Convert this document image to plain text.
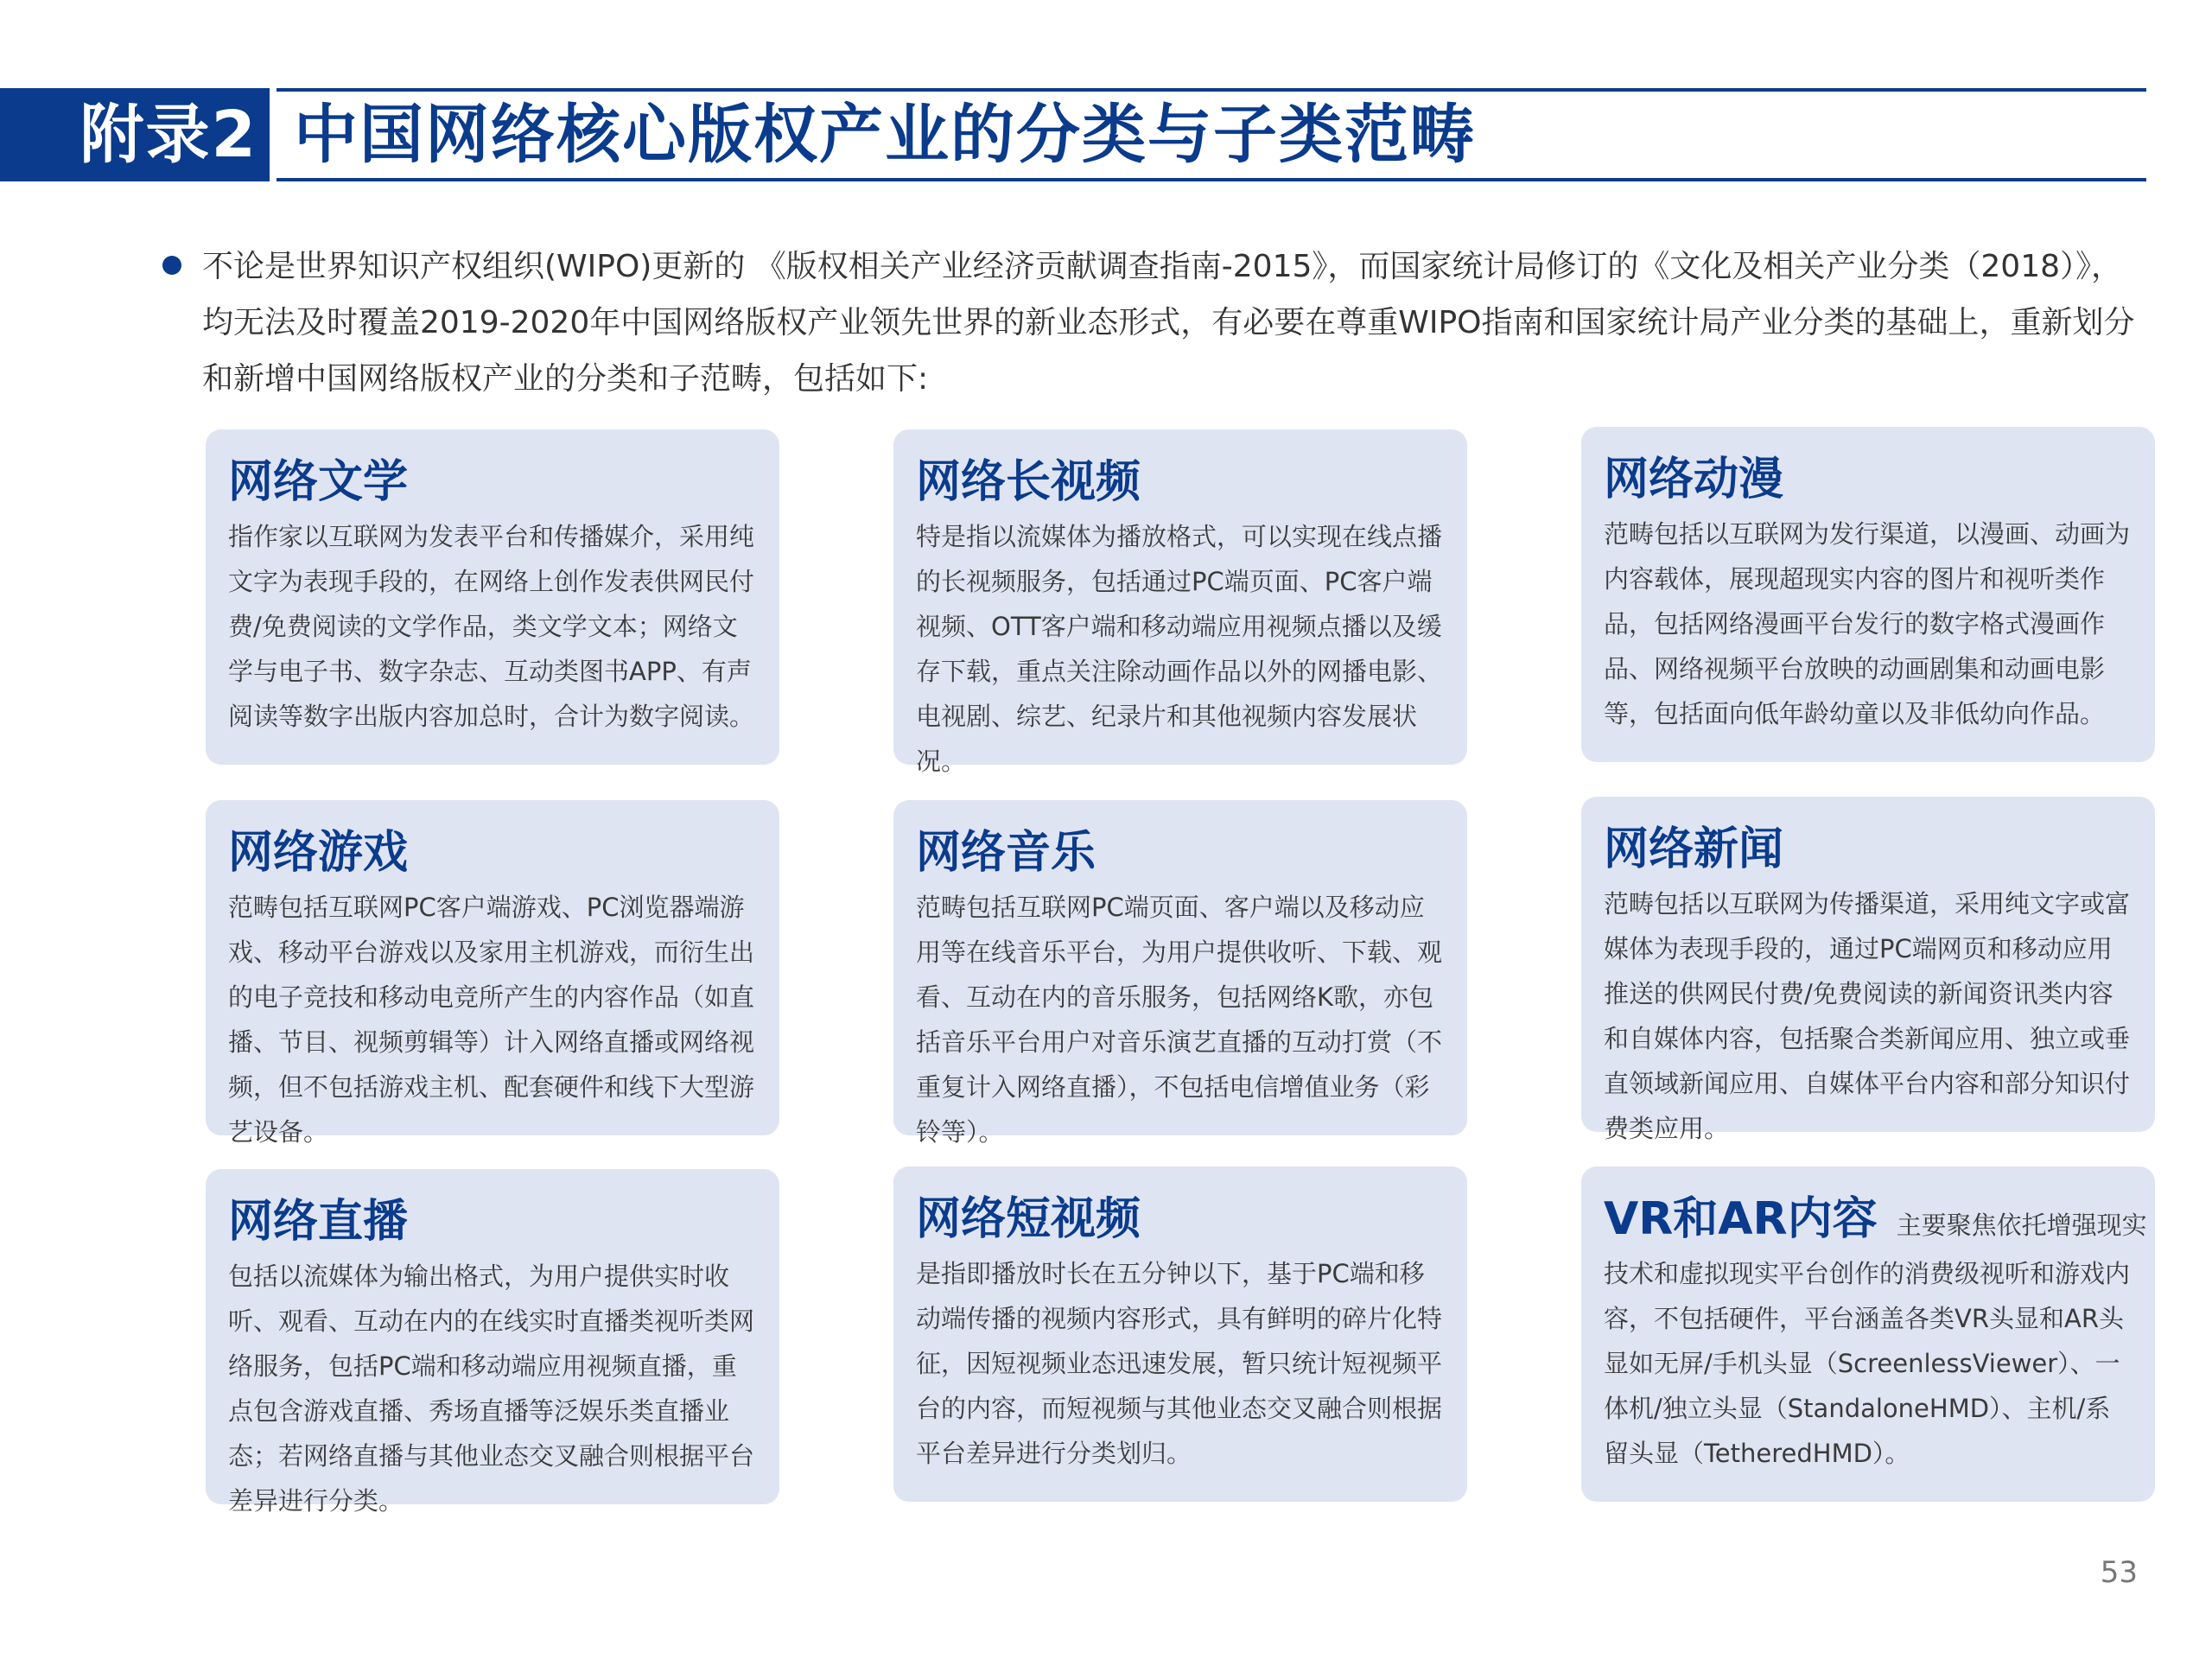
附录2 中国网络核心版权产业的分类与子类范畴
不论是世界知识产权组织(WIPO)更新的 《版权相关产业经济贡献调查指南-2015》，而国家统计局修订的《文化及相关产业分类（2018）》，均无法及时覆盖2019-2020年中国网络版权产业领先世界的新业态形式，有必要在尊重WIPO指南和国家统计局产业分类的基础上，重新划分和新增中国网络版权产业的分类和子范畴，包括如下:
网络文学
指作家以互联网为发表平台和传播媒介，采用纯文字为表现手段的，在网络上创作发表供网民付费/免费阅读的文学作品，类文学文本；网络文学与电子书、数字杂志、互动类图书APP、有声阅读等数字出版内容加总时，合计为数字阅读。
网络长视频
特是指以流媒体为播放格式，可以实现在线点播的长视频服务，包括通过PC端页面、PC客户端视频、OTT客户端和移动端应用视频点播以及缓存下载，重点关注除动画作品以外的网播电影、电视剧、综艺、纪录片和其他视频内容发展状况。
网络动漫
范畴包括以互联网为发行渠道，以漫画、动画为内容载体，展现超现实内容的图片和视听类作品，包括网络漫画平台发行的数字格式漫画作品、网络视频平台放映的动画剧集和动画电影等，包括面向低年龄幼童以及非低幼向作品。
网络游戏
范畴包括互联网PC客户端游戏、PC浏览器端游戏、移动平台游戏以及家用主机游戏，而衍生出的电子竞技和移动电竞所产生的内容作品（如直播、节目、视频剪辑等）计入网络直播或网络视频，但不包括游戏主机、配套硬件和线下大型游艺设备。
网络音乐
范畴包括互联网PC端页面、客户端以及移动应用等在线音乐平台，为用户提供收听、下载、观看、互动在内的音乐服务，包括网络K歌，亦包括音乐平台用户对音乐演艺直播的互动打赏（不重复计入网络直播），不包括电信增值业务（彩铃等）。
网络新闻
范畴包括以互联网为传播渠道，采用纯文字或富媒体为表现手段的，通过PC端网页和移动应用推送的供网民付费/免费阅读的新闻资讯类内容和自媒体内容，包括聚合类新闻应用、独立或垂直领域新闻应用、自媒体平台内容和部分知识付费类应用。
网络直播
包括以流媒体为输出格式，为用户提供实时收听、观看、互动在内的在线实时直播类视听类网络服务，包括PC端和移动端应用视频直播，重点包含游戏直播、秀场直播等泛娱乐类直播业态；若网络直播与其他业态交叉融合则根据平台差异进行分类。
网络短视频
是指即播放时长在五分钟以下，基于PC端和移动端传播的视频内容形式，具有鲜明的碎片化特征，因短视频业态迅速发展，暂只统计短视频平台的内容，而短视频与其他业态交叉融合则根据平台差异进行分类划归。
VR和AR内容 主要聚焦依托增强现实
技术和虚拟现实平台创作的消费级视听和游戏内容，不包括硬件，平台涵盖各类VR头显和AR头显如无屏/手机头显（ScreenlessViewer）、一体机/独立头显（StandaloneHMD）、主机/系留头显（TetheredHMD）。
53
